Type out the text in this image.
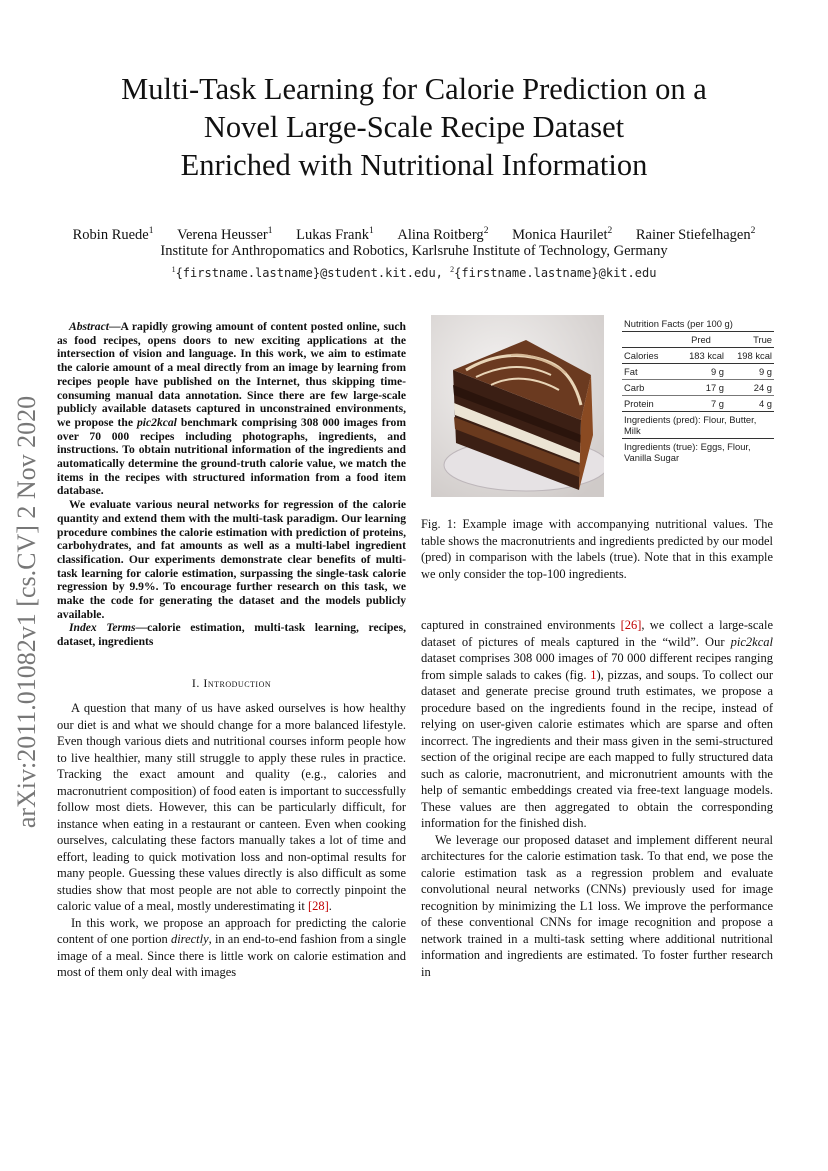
arXiv:2011.01082v1 [cs.CV] 2 Nov 2020
Multi-Task Learning for Calorie Prediction on a
Novel Large-Scale Recipe Dataset
Enriched with Nutritional Information
Robin Ruede$^1$ Verena Heusser$^1$ Lukas Frank$^1$ Alina Roitberg$^2$ Monica Haurilet$^2$ Rainer Stiefelhagen$^2$
Institute for Anthropomatics and Robotics, Karlsruhe Institute of Technology, Germany
$^1${firstname.lastname}@student.kit.edu, $^2${firstname.lastname}@kit.edu

Abstract—A rapidly growing amount of content posted online, such as food recipes, opens doors to new exciting applications at the intersection of vision and language. In this work, we aim to estimate the calorie amount of a meal directly from an image by learning from recipes people have published on the Internet, thus skipping time-consuming manual data annotation. Since there are few large-scale publicly available datasets captured in unconstrained environments, we propose the pic2kcal benchmark comprising 308 000 images from over 70 000 recipes including photographs, ingredients, and instructions. To obtain nutritional information of the ingredients and automatically determine the ground-truth calorie value, we match the items in the recipes with structured information from a food item database.

We evaluate various neural networks for regression of the calorie quantity and extend them with the multi-task paradigm. Our learning procedure combines the calorie estimation with prediction of proteins, carbohydrates, and fat amounts as well as a multi-label ingredient classification. Our experiments demonstrate clear benefits of multi-task learning for calorie estimation, surpassing the single-task calorie regression by 9.9%. To encourage further research on this task, we make the code for generating the dataset and the models publicly available.

Index Terms—calorie estimation, multi-task learning, recipes, dataset, ingredients

I. Introduction

A question that many of us have asked ourselves is how healthy our diet is and what we should change for a more balanced lifestyle. Even though various diets and nutritional courses inform people how to live healthier, many still struggle to apply these rules in practice. Tracking the exact amount and quality (e.g., calories and macronutrient composition) of food eaten is important to successfully follow most diets. However, this can be particularly difficult, for instance when eating in a restaurant or canteen. Even when cooking ourselves, calculating these factors manually takes a lot of time and effort, leading to quick motivation loss and non-optimal results for many people. Guessing these values directly is also difficult as some studies show that most people are not able to correctly pinpoint the caloric value of a meal, mostly underestimating it [28].

In this work, we propose an approach for predicting the calorie content of one portion directly, in an end-to-end fashion from a single image of a meal. Since there is little work on calorie estimation and most of them only deal with images

Nutrition Facts (per 100 g)		
	Pred	True
Calories	183 kcal	198 kcal
Fat	9 g	9 g
Carb	17 g	24 g
Protein	7 g	4 g
Ingredients (pred): Flour, Butter, Milk		
Ingredients (true): Eggs, Flour, Vanilla Sugar		
Fig. 1: Example image with accompanying nutritional values. The table shows the macronutrients and ingredients predicted by our model (pred) in comparison with the labels (true). Note that in this example we only consider the top-100 ingredients.

captured in constrained environments [26], we collect a large-scale dataset of pictures of meals captured in the “wild”. Our pic2kcal dataset comprises 308 000 images of 70 000 different recipes ranging from simple salads to cakes (fig. 1), pizzas, and soups. To collect our dataset and generate precise ground truth estimates, we propose a procedure based on the ingredients found in the recipe, instead of relying on user-given calorie estimates which are sparse and often incorrect. The ingredients and their mass given in the semi-structured section of the original recipe are each mapped to fully structured data such as calorie, macronutrient, and micronutrient amounts with the help of semantic embeddings created via free-text language models. These values are then aggregated to obtain the corresponding information for the finished dish.

We leverage our proposed dataset and implement different neural architectures for the calorie estimation task. To that end, we pose the calorie estimation task as a regression problem and evaluate convolutional neural networks (CNNs) previously used for image recognition by minimizing the L1 loss. We improve the performance of these conventional CNNs for image recognition and propose a network trained in a multi-task setting where additional nutritional information and ingredients are estimated. To foster further research in
